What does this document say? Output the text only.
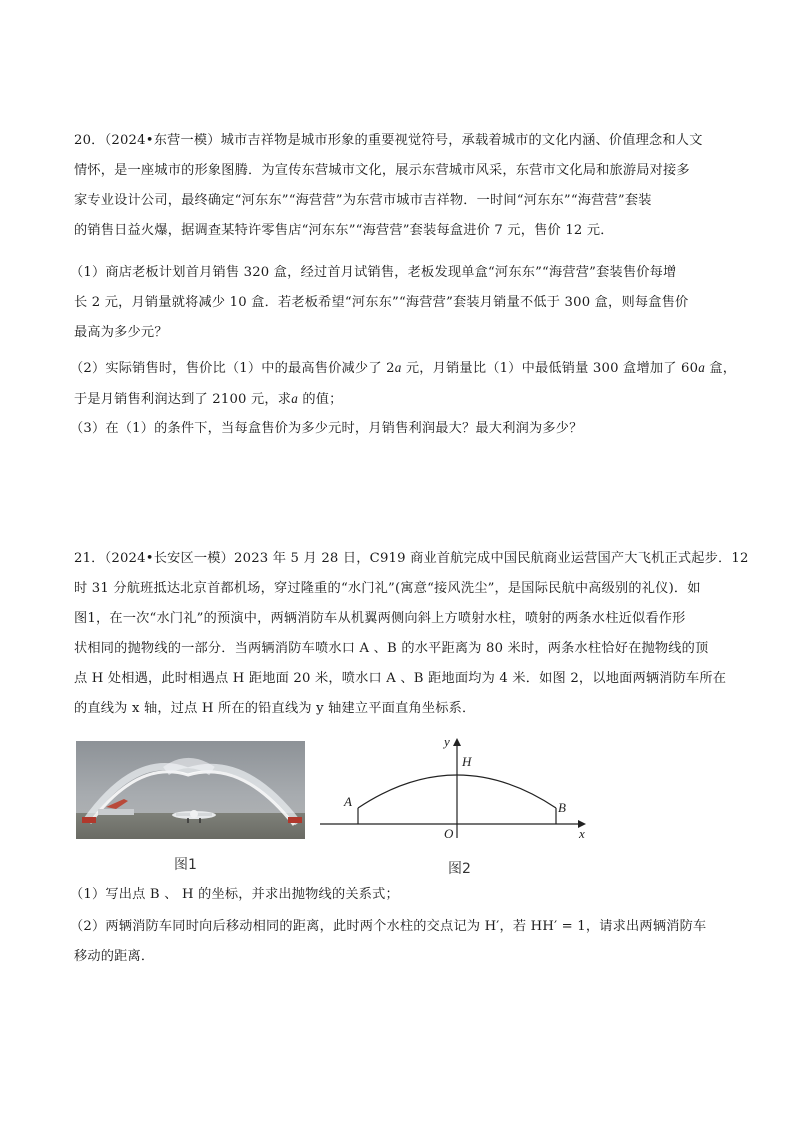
20．（2024•东营一模）城市吉祥物是城市形象的重要视觉符号，承载着城市的文化内涵、价值理念和人文
情怀，是一座城市的形象图腾．为宣传东营城市文化，展示东营城市风采，东营市文化局和旅游局对接多
家专业设计公司，最终确定“河东东”“海营营”为东营市城市吉祥物．一时间“河东东”“海营营”套装
的销售日益火爆，据调查某特许零售店“河东东”“海营营”套装每盒进价 7 元，售价 12 元．
（1）商店老板计划首月销售 320 盒，经过首月试销售，老板发现单盒“河东东”“海营营”套装售价每增
长 2 元，月销量就将减少 10 盒．若老板希望“河东东”“海营营”套装月销量不低于 300 盒，则每盒售价
最高为多少元？
（2）实际销售时，售价比（1）中的最高售价减少了 2a 元，月销量比（1）中最低销量 300 盒增加了 60a 盒，
于是月销售利润达到了 2100 元，求a 的值；
（3）在（1）的条件下，当每盒售价为多少元时，月销售利润最大？最大利润为多少？
21．（2024•长安区一模）2023 年 5 月 28 日，C919 商业首航完成中国民航商业运营国产大飞机正式起步．12
时 31 分航班抵达北京首都机场，穿过隆重的“水门礼”(寓意“接风洗尘”，是国际民航中高级别的礼仪)．如
图1，在一次“水门礼”的预演中，两辆消防车从机翼两侧向斜上方喷射水柱，喷射的两条水柱近似看作形
状相同的抛物线的一部分．当两辆消防车喷水口 A 、B 的水平距离为 80 米时，两条水柱恰好在抛物线的顶
点 H 处相遇，此时相遇点 H 距地面 20 米，喷水口 A 、B 距地面均为 4 米．如图 2，以地面两辆消防车所在
的直线为 x 轴，过点 H 所在的铅直线为 y 轴建立平面直角坐标系．
图1
y
H
A	B
O	x
图2
（1）写出点 B 、 H 的坐标，并求出抛物线的关系式；
（2）两辆消防车同时向后移动相同的距离，此时两个水柱的交点记为 H′，若 HH′ = 1，请求出两辆消防车
移动的距离．
